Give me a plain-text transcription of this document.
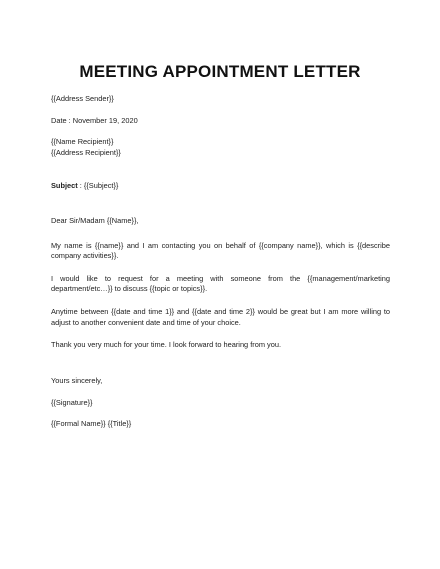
MEETING APPOINTMENT LETTER
{{Address Sender}}
Date : November 19, 2020
{{Name Recipient}}
{{Address Recipient}}
Subject : {{Subject}}
Dear Sir/Madam {{Name}},
My name is {{name}} and I am contacting you on behalf of {{company name}}, which is {{describe company activities}}.
I would like to request for a meeting with someone from the {{management/marketing department/etc…}} to discuss {{topic or topics}}.
Anytime between {{date and time 1}} and {{date and time 2}} would be great but I am more willing to adjust to another convenient date and time of your choice.
Thank you very much for your time. I look forward to hearing from you.
Yours sincerely,
{{Signature}}
{{Formal Name}} {{Title}}
